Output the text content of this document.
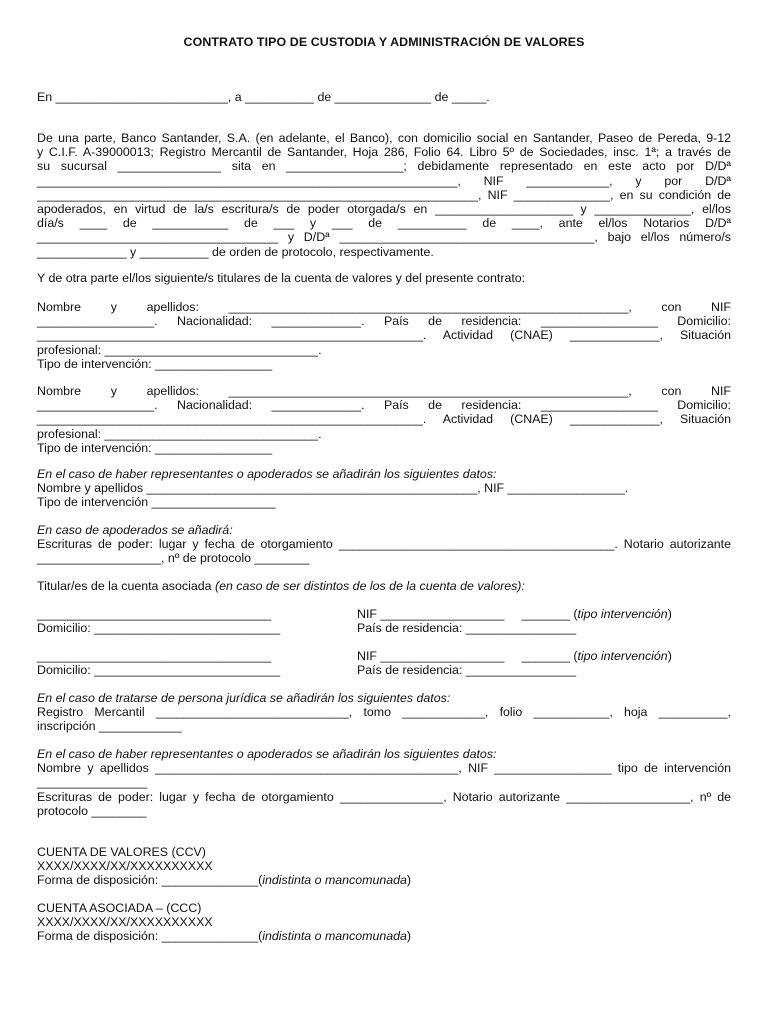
CONTRATO TIPO DE CUSTODIA Y ADMINISTRACIÓN DE VALORES
En _________________________, a __________ de ______________ de _____.
De una parte, Banco Santander, S.A. (en adelante, el Banco), con domicilio social en Santander, Paseo de Pereda, 9-12
y C.I.F. A-39000013; Registro Mercantil de Santander, Hoja 286, Folio 64. Libro 5º de Sociedades, insc. 1ª; a través de
su sucursal _______________ sita en _________________; debidamente representado en este acto por D/Dª
_____________________________________________________________, NIF ____________, y por D/Dª
________________________________________________________________, NIF ______________, en su condición de
apoderados, en virtud de la/s escritura/s de poder otorgada/s en ____________________ y ______________, el/los
día/s ____ de ___________ de ___ y ___ de __________ de ____, ante el/los Notarios D/Dª
___________________________________ y D/Dª _____________________________________, bajo el/los número/s
_____________ y __________ de orden de protocolo, respectivamente.
Y de otra parte el/los siguiente/s titulares de la cuenta de valores y del presente contrato:
Nombre y apellidos: __________________________________________________________, con NIF
_________________. Nacionalidad: _____________. País de residencia: _________________ Domicilio:
________________________________________________________. Actividad (CNAE) _____________, Situación
profesional: _______________________________.
Tipo de intervención: _________________
Nombre y apellidos: __________________________________________________________, con NIF
_________________. Nacionalidad: _____________. País de residencia: _________________ Domicilio:
________________________________________________________. Actividad (CNAE) _____________, Situación
profesional: _______________________________.
Tipo de intervención: _________________
En el caso de haber representantes o apoderados se añadirán los siguientes datos:
Nombre y apellidos ________________________________________________, NIF _________________.
Tipo de intervención __________________
En caso de apoderados se añadirá:
Escrituras de poder: lugar y fecha de otorgamiento ________________________________________. Notario autorizante
__________________, nº de protocolo ________
Titular/es de la cuenta asociada (en caso de ser distintos de los de la cuenta de valores):
__________________________________	NIF __________________     _______ (tipo intervención)
Domicilio: ___________________________	País de residencia: ________________
__________________________________	NIF __________________     _______ (tipo intervención)
Domicilio: ___________________________	País de residencia: ________________
En el caso de tratarse de persona jurídica se añadirán los siguientes datos:
Registro Mercantil ____________________________, tomo ____________, folio ___________, hoja __________,
inscripción ____________
En el caso de haber representantes o apoderados se añadirán los siguientes datos:
Nombre y apellidos ____________________________________________, NIF _________________ tipo de intervención
________________
Escrituras de poder: lugar y fecha de otorgamiento _______________, Notario autorizante __________________, nº de
protocolo ________
CUENTA DE VALORES (CCV)
XXXX/XXXX/XX/XXXXXXXXXX
Forma de disposición: ______________(indistinta o mancomunada)
CUENTA ASOCIADA – (CCC)
XXXX/XXXX/XX/XXXXXXXXXX
Forma de disposición: ______________(indistinta o mancomunada)
